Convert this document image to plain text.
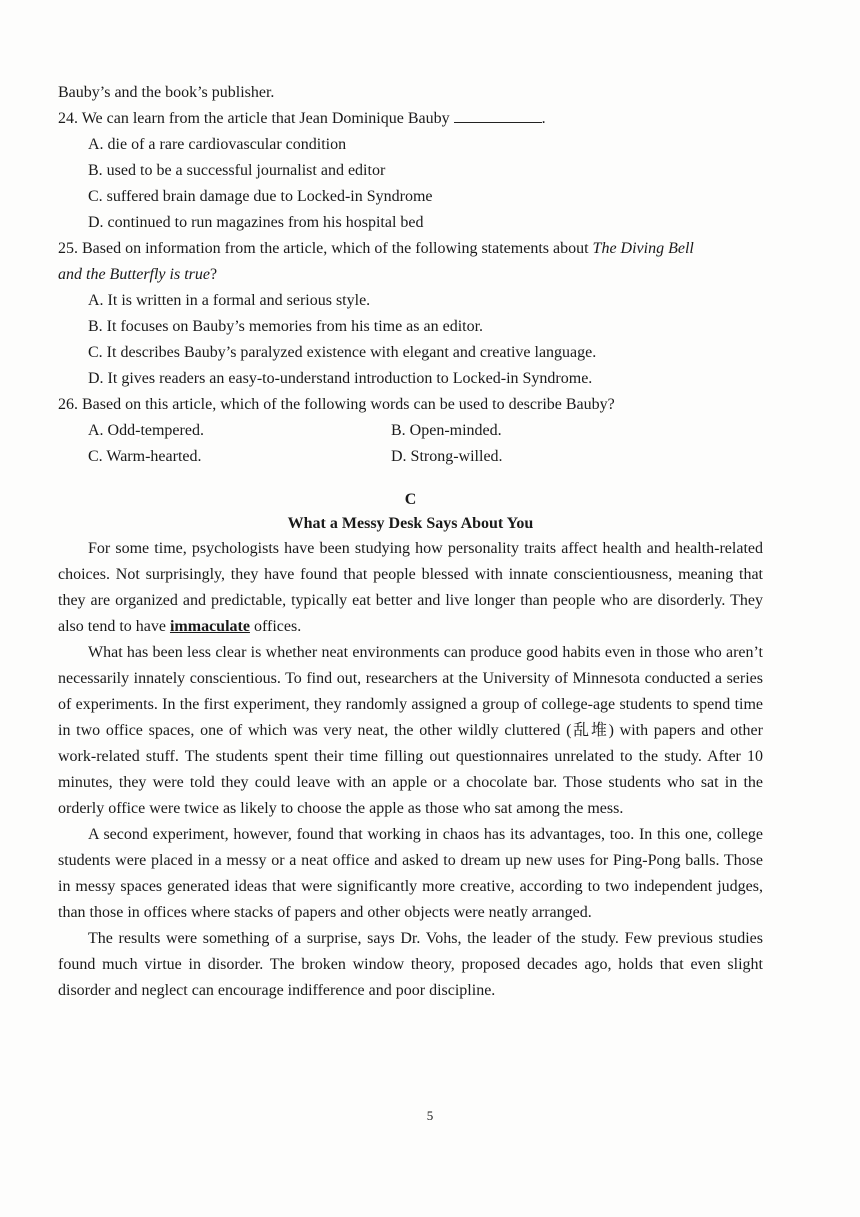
Bauby’s and the book’s publisher.
24. We can learn from the article that Jean Dominique Bauby	.
A. die of a rare cardiovascular condition
B. used to be a successful journalist and editor
C. suffered brain damage due to Locked-in Syndrome
D. continued to run magazines from his hospital bed
25. Based on information from the article, which of the following statements about The Diving Bell
and the Butterfly is true?
A. It is written in a formal and serious style.
B. It focuses on Bauby’s memories from his time as an editor.
C. It describes Bauby’s paralyzed existence with elegant and creative language.
D. It gives readers an easy-to-understand introduction to Locked-in Syndrome.
26. Based on this article, which of the following words can be used to describe Bauby?
A. Odd-tempered.	B. Open-minded.
C. Warm-hearted.	D. Strong-willed.
C
What a Messy Desk Says About You

For some time, psychologists have been studying how personality traits affect health and health-related choices. Not surprisingly, they have found that people blessed with innate conscientiousness, meaning that they are organized and predictable, typically eat better and live longer than people who are disorderly. They also tend to have immaculate offices.

What has been less clear is whether neat environments can produce good habits even in those who aren’t necessarily innately conscientious. To find out, researchers at the University of Minnesota conducted a series of experiments. In the first experiment, they randomly assigned a group of college-age students to spend time in two office spaces, one of which was very neat, the other wildly cluttered (乱堆) with papers and other work-related stuff. The students spent their time filling out questionnaires unrelated to the study. After 10 minutes, they were told they could leave with an apple or a chocolate bar. Those students who sat in the orderly office were twice as likely to choose the apple as those who sat among the mess.

A second experiment, however, found that working in chaos has its advantages, too. In this one, college students were placed in a messy or a neat office and asked to dream up new uses for Ping-Pong balls. Those in messy spaces generated ideas that were significantly more creative, according to two independent judges, than those in offices where stacks of papers and other objects were neatly arranged.

The results were something of a surprise, says Dr. Vohs, the leader of the study. Few previous studies found much virtue in disorder. The broken window theory, proposed decades ago, holds that even slight disorder and neglect can encourage indifference and poor discipline.

5
